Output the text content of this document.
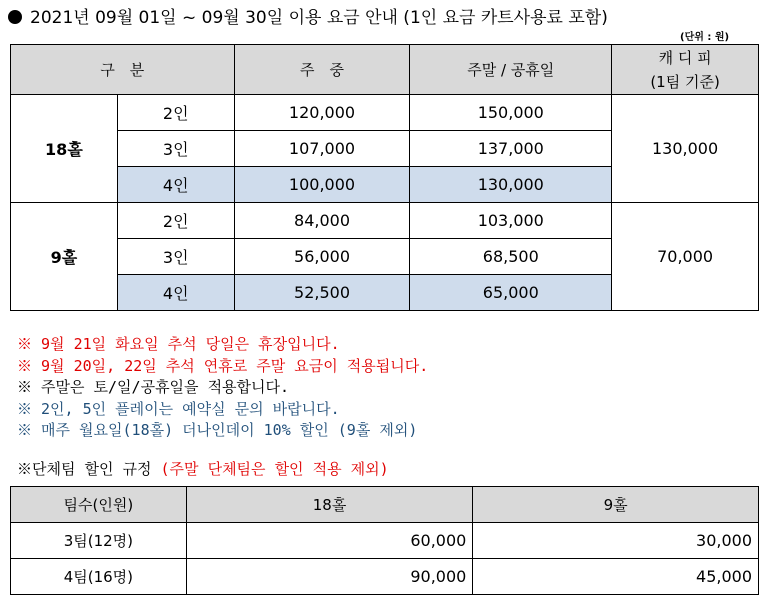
2021년 09월 01일 ~ 09월 30일 이용 요금 안내 (1인 요금 카트사용료 포함)
(단위 : 원)
구　분		주　중	주말 / 공휴일	캐 디 피
(1팀 기준)

18홀	2인	120,000	150,000	130,000
	3인	107,000	137,000	
	4인	100,000	130,000	
9홀	2인	84,000	103,000	70,000
	3인	56,000	68,500	
	4인	52,500	65,000	
※ 9월 21일 화요일 추석 당일은 휴장입니다.
※ 9월 20일, 22일 추석 연휴로 주말 요금이 적용됩니다.
※ 주말은 토/일/공휴일을 적용합니다.
※ 2인, 5인 플레이는 예약실 문의 바랍니다.
※ 매주 월요일(18홀) 더나인데이 10% 할인 (9홀 제외)
※단체팀 할인 규정 (주말 단체팀은 할인 적용 제외)
팀수(인원)	18홀	9홀
3팀(12명)	60,000	30,000
4팀(16명)	90,000	45,000
